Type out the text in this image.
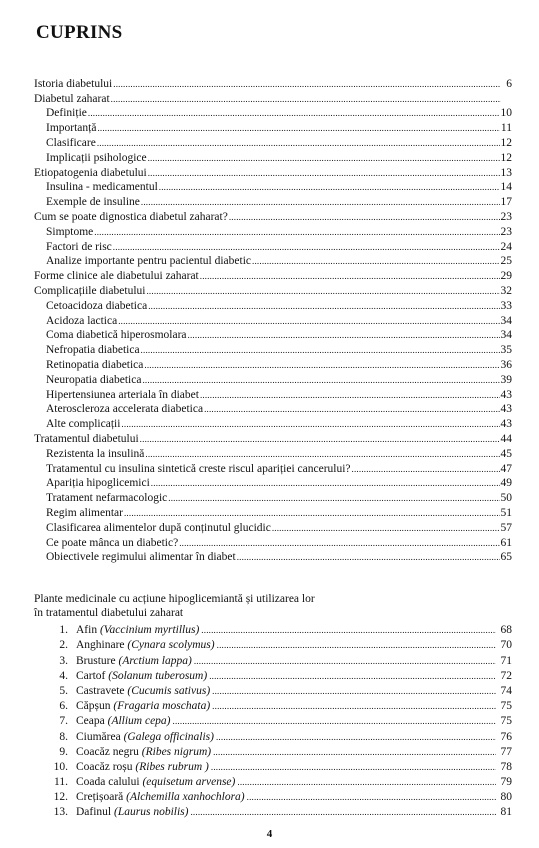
CUPRINS
Istoria diabetului .....	6
Diabetul zaharat
.....
Definiție .....	10
Importanță .....	11
Clasificare .....	12
Implicații psihologice .....	12
Etiopatogenia diabetului .....	13
Insulina - medicamentul .....	14
Exemple de insuline .....	17
Cum se poate dignostica diabetul zaharat? .....	23
Simptome .....	23
Factori de risc .....	24
Analize importante pentru pacientul diabetic .....	25
Forme clinice ale diabetului zaharat .....	29
Complicațiile diabetului .....	32
Cetoacidoza diabetica .....	33
Acidoza lactica .....	34
Coma diabetică hiperosmolara .....	34
Nefropatia diabetica .....	35
Retinopatia diabetica .....	36
Neuropatia diabetica .....	39
Hipertensiunea arteriala în diabet .....	43
Ateroscleroza accelerata diabetica .....	43
Alte complicații .....	43
Tratamentul diabetului .....	44
Rezistenta la insulină .....	45
Tratamentul cu insulina sintetică creste riscul apariției cancerului? .....	47
Apariția hipoglicemici .....	49
Tratament nefarmacologic .....	50
Regim alimentar .....	51
Clasificarea alimentelor după conținutul glucidic .....	57
Ce poate mânca un diabetic? .....	61
Obiectivele regimului alimentar în diabet .....	65
Plante medicinale cu acțiune hipoglicemiantă și utilizarea lor
în tratamentul diabetului zaharat
1. Afin (Vaccinium myrtillus) .....	68
2. Anghinare (Cynara scolymus) .....	70
3. Brusture (Arctium lappa) .....	71
4. Cartof (Solanum tuberosum) .....	72
5. Castravete (Cucumis sativus) .....	74
6. Căpșun (Fragaria moschata) .....	75
7. Ceapa (Allium cepa) .....	75
8. Ciumărea (Galega officinalis) .....	76
9. Coacăz negru (Ribes nigrum) .....	77
10. Coacăz roșu (Ribes rubrum ) .....	78
11. Coada calului (equisetum arvense) .....	79
12. Crețișoară (Alchemilla xanhochlora) .....	80
13. Dafinul (Laurus nobilis) .....	81
4
